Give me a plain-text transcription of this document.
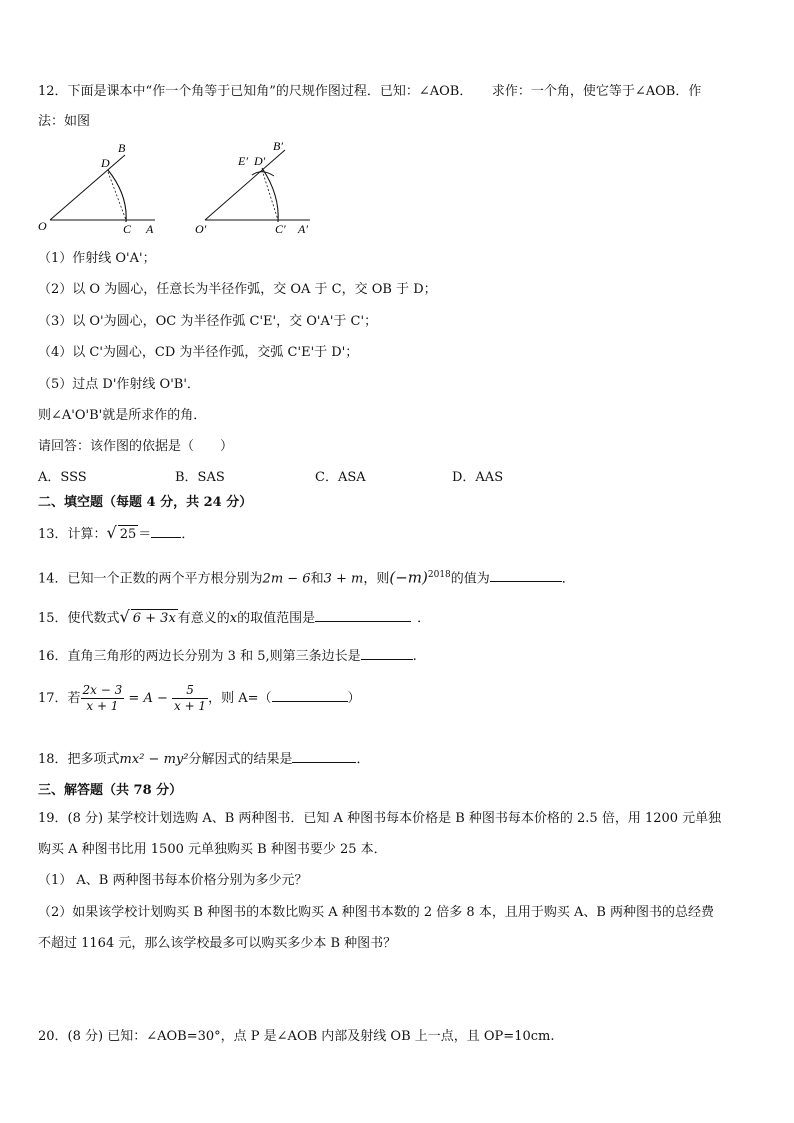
12．下面是课本中“作一个角等于已知角”的尺规作图过程．已知：∠AOB．　　求作：一个角，使它等于∠AOB．作
法：如图
B
D
O	C A
B′
E′ D′
O′	C′ A′
（1）作射线 O'A'；
（2）以 O 为圆心，任意长为半径作弧，交 OA 于 C，交 OB 于 D；
（3）以 O'为圆心，OC 为半径作弧 C'E'，交 O'A'于 C'；
（4）以 C'为圆心，CD 为半径作弧，交弧 C'E'于 D'；
（5）过点 D'作射线 O'B'．
则∠A'O'B'就是所求作的角．
请回答：该作图的依据是（　　）
A．SSS	B．SAS	C．ASA	D．AAS
二、填空题（每题 4 分，共 24 分）
13．计算：√ 25 ＝ ．
14．已知一个正数的两个平方根分别为2m − 6和3 + m，则$(-m)^{2018}$的值为	．
15．使代数式√ 6 + 3x 有意义的x的取值范围是	．
16．直角三角形的两边长分别为 3 和 5,则第三条边长是	.
17．若 $\frac{2x - 3}{x + 1} = A - \frac{5}{x + 1}$ ，则 A=（	）
18．把多项式mx² − my²分解因式的结果是	．
三、解答题（共 78 分）
19．(8 分) 某学校计划选购 A、B 两种图书．已知 A 种图书每本价格是 B 种图书每本价格的 2.5 倍，用 1200 元单独
购买 A 种图书比用 1500 元单独购买 B 种图书要少 25 本．
（1） A、B 两种图书每本价格分别为多少元？
（2）如果该学校计划购买 B 种图书的本数比购买 A 种图书本数的 2 倍多 8 本，且用于购买 A、B 两种图书的总经费
不超过 1164 元，那么该学校最多可以购买多少本 B 种图书？
20．(8 分) 已知：∠AOB=30°，点 P 是∠AOB 内部及射线 OB 上一点，且 OP=10cm.
